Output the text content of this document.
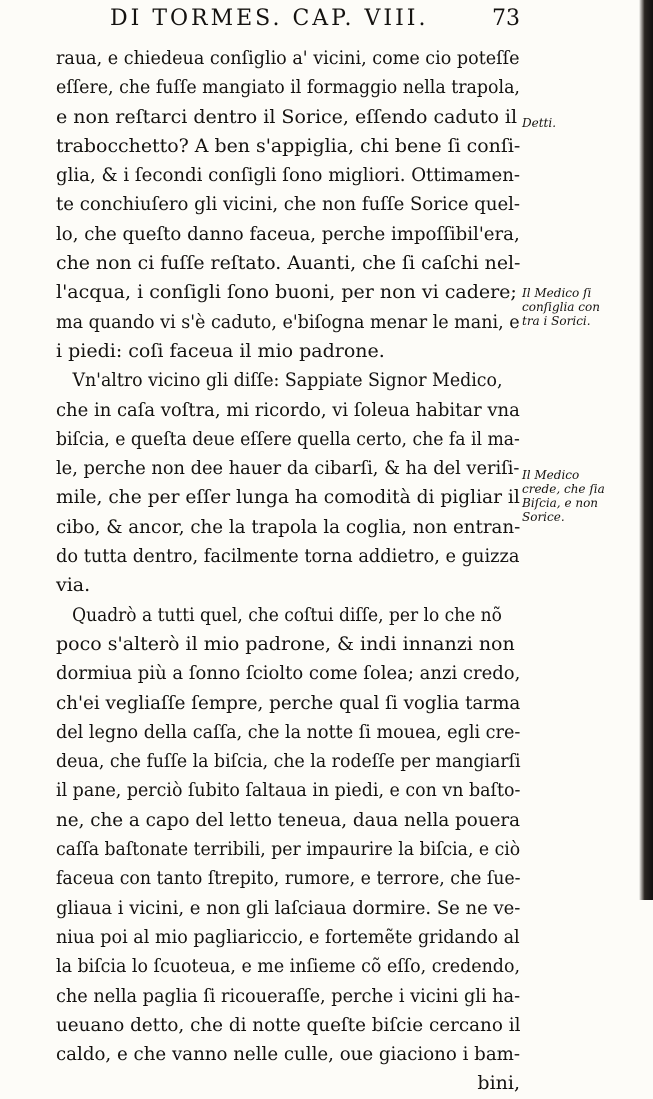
DI TORMES. CAP. VIII.	73
raua, e chiedeua conſiglio a' vicini, come cio poteſſe
eſſere, che fuſſe mangiato il formaggio nella trapola,
e non reſtarci dentro il Sorice, eſſendo caduto il
trabocchetto? A ben s'appiglia, chi bene ſi conſi-
glia, & i ſecondi conſigli ſono migliori. Ottimamen-
te conchiuſero gli vicini, che non fuſſe Sorice quel-
lo, che queſto danno faceua, perche impoſſibil'era,
che non ci fuſſe reſtato. Auanti, che ſi caſchi nel-
l'acqua, i conſigli ſono buoni, per non vi cadere;
ma quando vi s'è caduto, e'biſogna menar le mani, e
i piedi: coſi faceua il mio padrone.
Vn'altro vicino gli diſſe: Sappiate Signor Medico,
che in caſa voſtra, mi ricordo, vi ſoleua habitar vna
biſcia, e queſta deue eſſere quella certo, che fa il ma-
le, perche non dee hauer da cibarſi, & ha del veriſi-
mile, che per eſſer lunga ha comodità di pigliar il
cibo, & ancor, che la trapola la coglia, non entran-
do tutta dentro, facilmente torna addietro, e guizza
via.
Quadrò a tutti quel, che coſtui diſſe, per lo che nõ
poco s'alterò il mio padrone, & indi innanzi non
dormiua più a ſonno ſciolto come ſolea; anzi credo,
ch'ei vegliaſſe ſempre, perche qual ſi voglia tarma
del legno della caſſa, che la notte ſi mouea, egli cre-
deua, che fuſſe la biſcia, che la rodeſſe per mangiarſi
il pane, perciò ſubito ſaltaua in piedi, e con vn baſto-
ne, che a capo del letto teneua, daua nella pouera
caſſa baſtonate terribili, per impaurire la biſcia, e ciò
faceua con tanto ſtrepito, rumore, e terrore, che ſue-
gliaua i vicini, e non gli laſciaua dormire. Se ne ve-
niua poi al mio pagliariccio, e fortemẽte gridando al
la biſcia lo ſcuoteua, e me inſieme cõ eſſo, credendo,
che nella paglia ſi ricoueraſſe, perche i vicini gli ha-
ueuano detto, che di notte queſte biſcie cercano il
caldo, e che vanno nelle culle, oue giaciono i bam-
bini,
Detti.
Il Medico ſi
conſiglia con
tra i Sorici.
Il Medico
crede, che ſia
Biſcia, e non
Sorice.
